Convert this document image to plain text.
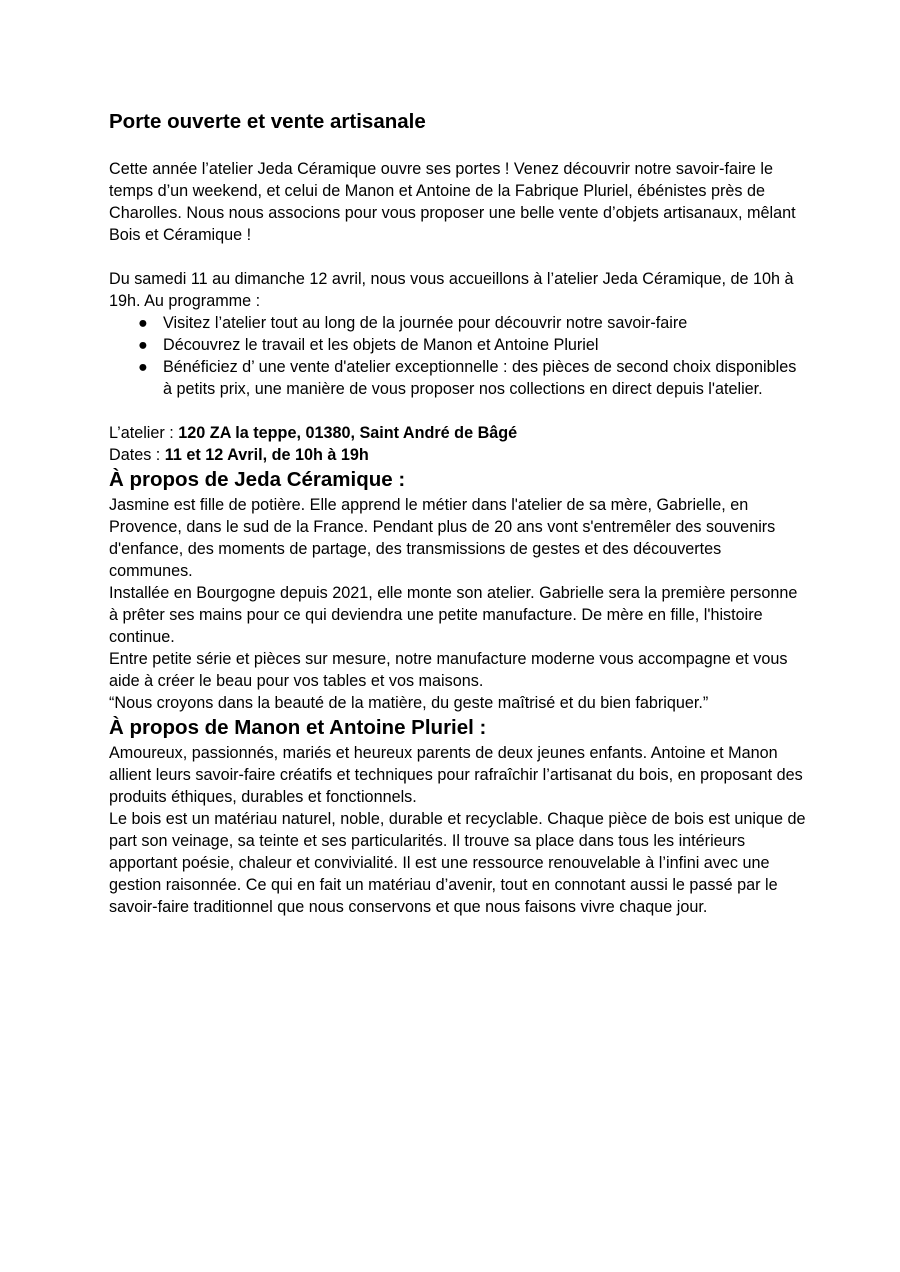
Porte ouverte et vente artisanale

Cette année l’atelier Jeda Céramique ouvre ses portes ! Venez découvrir notre savoir-faire le temps d’un weekend, et celui de Manon et Antoine de la Fabrique Pluriel, ébénistes près de Charolles. Nous nous associons pour vous proposer une belle vente d’objets artisanaux, mêlant Bois et Céramique !

Du samedi 11 au dimanche 12 avril, nous vous accueillons à l’atelier Jeda Céramique, de 10h à 19h. Au programme :

● Visitez l’atelier tout au long de la journée pour découvrir notre savoir-faire
● Découvrez le travail et les objets de Manon et Antoine Pluriel
● Bénéficiez d’ une vente d'atelier exceptionnelle : des pièces de second choix disponibles à petits prix, une manière de vous proposer nos collections en direct depuis l'atelier.

L’atelier : 120 ZA la teppe, 01380, Saint André de Bâgé

Dates : 11 et 12 Avril, de 10h à 19h

À propos de Jeda Céramique :

Jasmine est fille de potière. Elle apprend le métier dans l'atelier de sa mère, Gabrielle, en Provence, dans le sud de la France. Pendant plus de 20 ans vont s'entremêler des souvenirs d'enfance, des moments de partage, des transmissions de gestes et des découvertes communes.

Installée en Bourgogne depuis 2021, elle monte son atelier. Gabrielle sera la première personne à prêter ses mains pour ce qui deviendra une petite manufacture. De mère en fille, l'histoire continue.

Entre petite série et pièces sur mesure, notre manufacture moderne vous accompagne et vous aide à créer le beau pour vos tables et vos maisons.

“Nous croyons dans la beauté de la matière, du geste maîtrisé et du bien fabriquer.”

À propos de Manon et Antoine Pluriel :

Amoureux, passionnés, mariés et heureux parents de deux jeunes enfants. Antoine et Manon allient leurs savoir-faire créatifs et techniques pour rafraîchir l’artisanat du bois, en proposant des produits éthiques, durables et fonctionnels.

Le bois est un matériau naturel, noble, durable et recyclable. Chaque pièce de bois est unique de part son veinage, sa teinte et ses particularités. Il trouve sa place dans tous les intérieurs apportant poésie, chaleur et convivialité. Il est une ressource renouvelable à l’infini avec une gestion raisonnée. Ce qui en fait un matériau d’avenir, tout en connotant aussi le passé par le savoir-faire traditionnel que nous conservons et que nous faisons vivre chaque jour.
